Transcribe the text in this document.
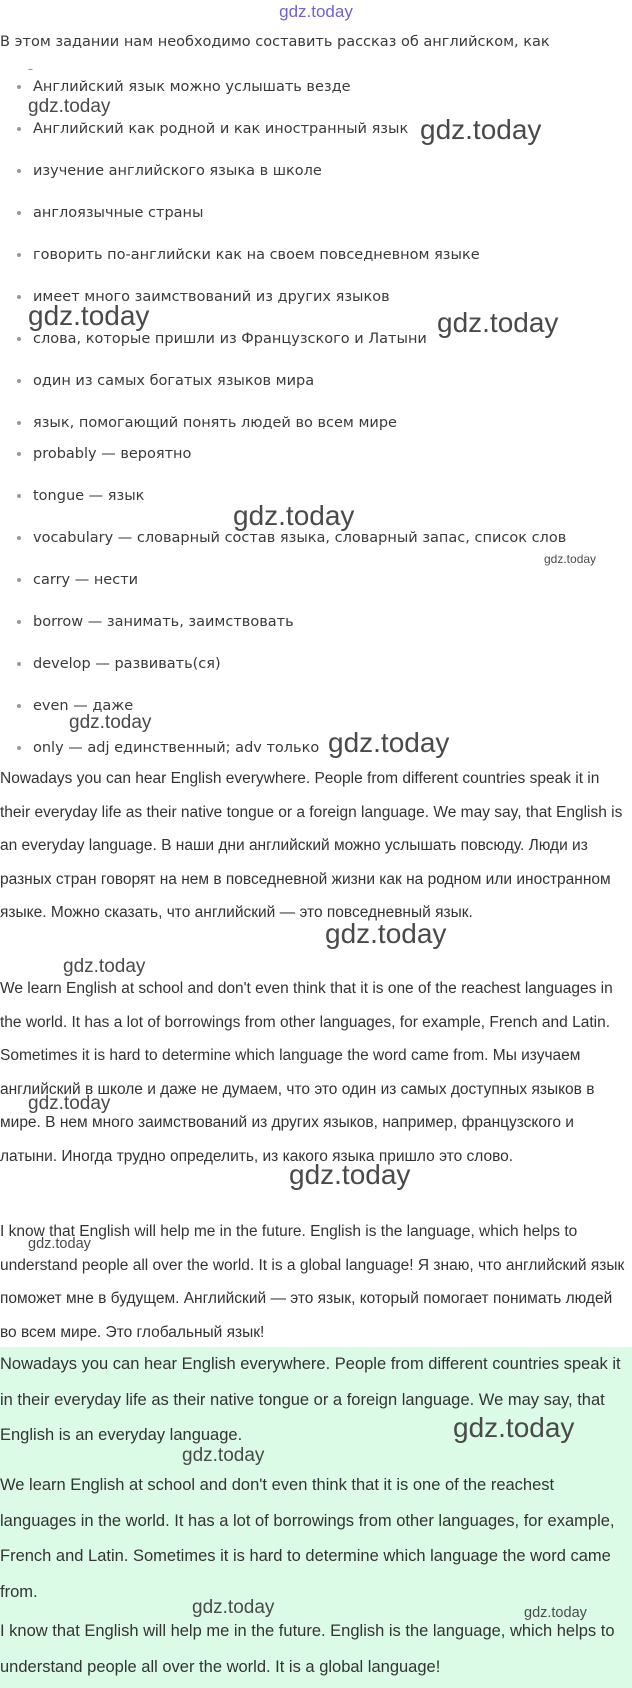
gdz.today

В этом задании нам необходимо составить рассказ об английском, как

–
Английский язык можно услышать везде
Английский как родной и как иностранный язык
изучение английского языка в школе
англоязычные страны
говорить по-английски как на своем повседневном языке
имеет много заимствований из других языков
слова, которые пришли из Французского и Латыни
один из самых богатых языков мира
язык, помогающий понять людей во всем мире
probably — вероятно
tongue — язык
vocabulary — словарный состав языка, словарный запас, список слов
carry — нести
borrow — занимать, заимствовать
develop — развивать(ся)
even — даже
only — adj единственный; adv только

Nowadays you can hear English everywhere. People from different countries speak it in their everyday life as their native tongue or a foreign language. We may say, that English is an everyday language. В наши дни английский можно услышать повсюду. Люди из разных стран говорят на нем в повседневной жизни как на родном или иностранном языке. Можно сказать, что английский — это повседневный язык.

We learn English at school and don't even think that it is one of the reachest languages in the world. It has a lot of borrowings from other languages, for example, French and Latin. Sometimes it is hard to determine which language the word came from. Мы изучаем английский в школе и даже не думаем, что это один из самых доступных языков в мире. В нем много заимствований из других языков, например, французского и латыни. Иногда трудно определить, из какого языка пришло это слово.

I know that English will help me in the future. English is the language, which helps to understand people all over the world. It is a global language! Я знаю, что английский язык поможет мне в будущем. Английский — это язык, который помогает понимать людей во всем мире. Это глобальный язык!

Nowadays you can hear English everywhere. People from different countries speak it in their everyday life as their native tongue or a foreign language. We may say, that English is an everyday language.

We learn English at school and don't even think that it is one of the reachest languages in the world. It has a lot of borrowings from other languages, for example, French and Latin. Sometimes it is hard to determine which language the word came from.

I know that English will help me in the future. English is the language, which helps to understand people all over the world. It is a global language!

gdz.today
gdz.today
gdz.today	gdz.today
gdz.today
gdz.today
gdz.today
gdz.today
gdz.today
gdz.today
gdz.today
gdz.today
gdz.today
gdz.today
gdz.today
gdz.today	gdz.today
